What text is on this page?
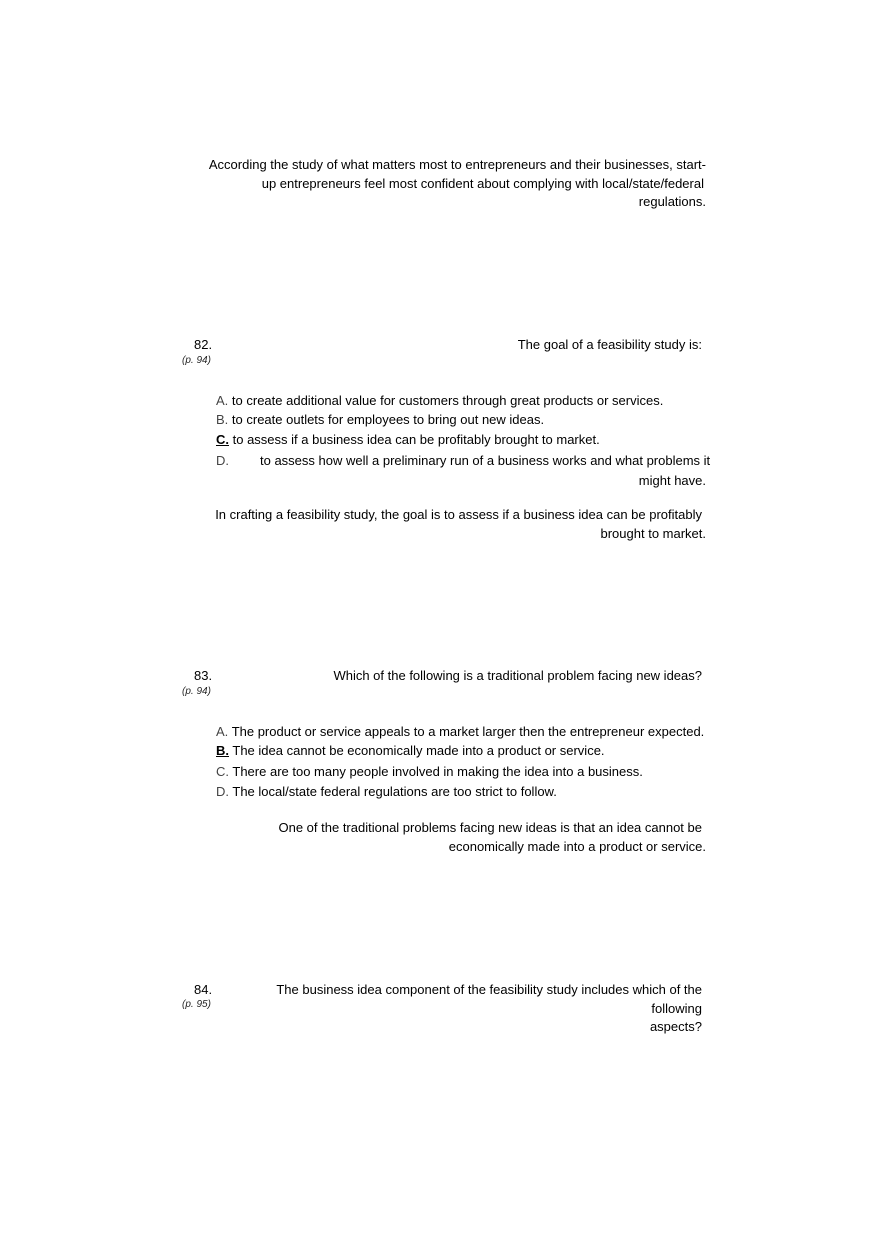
According the study of what matters most to entrepreneurs and their businesses, start-
up entrepreneurs feel most confident about complying with local/state/federal
regulations.
82.
(p. 94)
The goal of a feasibility study is:
A. to create additional value for customers through great products or services.
B. to create outlets for employees to bring out new ideas.
C. to assess if a business idea can be profitably brought to market.
D. to assess how well a preliminary run of a business works and what problems it
might have.
In crafting a feasibility study, the goal is to assess if a business idea can be profitably
brought to market.
83.
(p. 94)
Which of the following is a traditional problem facing new ideas?
A. The product or service appeals to a market larger then the entrepreneur expected.
B. The idea cannot be economically made into a product or service.
C. There are too many people involved in making the idea into a business.
D. The local/state federal regulations are too strict to follow.
One of the traditional problems facing new ideas is that an idea cannot be
economically made into a product or service.
84.
(p. 95)
The business idea component of the feasibility study includes which of the following
aspects?
